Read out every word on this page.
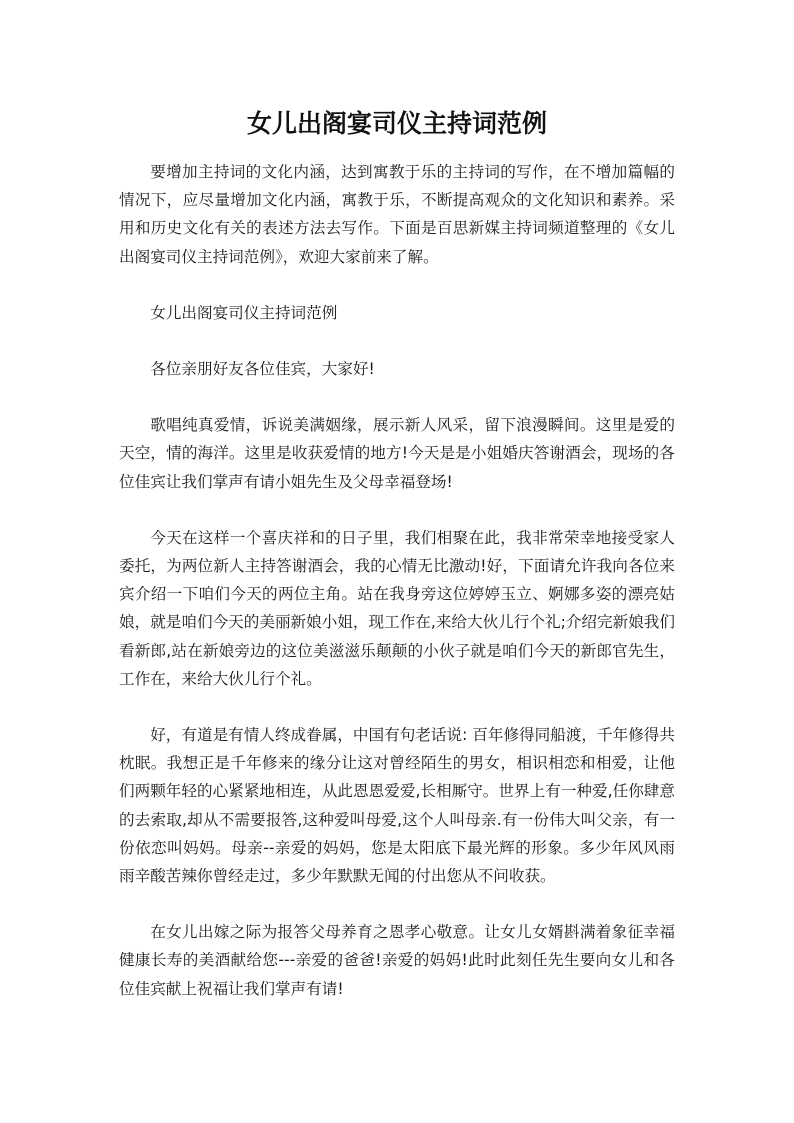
女儿出阁宴司仪主持词范例

要增加主持词的文化内涵，达到寓教于乐的主持词的写作，在不增加篇幅的情况下，应尽量增加文化内涵，寓教于乐，不断提高观众的文化知识和素养。采用和历史文化有关的表述方法去写作。下面是百思新媒主持词频道整理的《女儿出阁宴司仪主持词范例》，欢迎大家前来了解。

女儿出阁宴司仪主持词范例

各位亲朋好友各位佳宾，大家好!

歌唱纯真爱情，诉说美满姻缘，展示新人风采，留下浪漫瞬间。这里是爱的天空，情的海洋。这里是收获爱情的地方!今天是是小姐婚庆答谢酒会，现场的各位佳宾让我们掌声有请小姐先生及父母幸福登场!

今天在这样一个喜庆祥和的日子里，我们相聚在此，我非常荣幸地接受家人委托，为两位新人主持答谢酒会，我的心情无比激动!好，下面请允许我向各位来宾介绍一下咱们今天的两位主角。站在我身旁这位婷婷玉立、婀娜多姿的漂亮姑娘，就是咱们今天的美丽新娘小姐，现工作在,来给大伙儿行个礼;介绍完新娘我们看新郎,站在新娘旁边的这位美滋滋乐颠颠的小伙子就是咱们今天的新郎官先生，工作在，来给大伙儿行个礼。

好，有道是有情人终成眷属，中国有句老话说: 百年修得同船渡，千年修得共枕眠。我想正是千年修来的缘分让这对曾经陌生的男女，相识相恋和相爱，让他们两颗年轻的心紧紧地相连，从此恩恩爱爱,长相厮守。世界上有一种爱,任你肆意的去索取,却从不需要报答,这种爱叫母爱,这个人叫母亲.有一份伟大叫父亲，有一份依恋叫妈妈。母亲--亲爱的妈妈，您是太阳底下最光辉的形象。多少年风风雨雨辛酸苦辣你曾经走过，多少年默默无闻的付出您从不问收获。

在女儿出嫁之际为报答父母养育之恩孝心敬意。让女儿女婿斟满着象征幸福健康长寿的美酒献给您---亲爱的爸爸!亲爱的妈妈!此时此刻任先生要向女儿和各位佳宾献上祝福让我们掌声有请!
